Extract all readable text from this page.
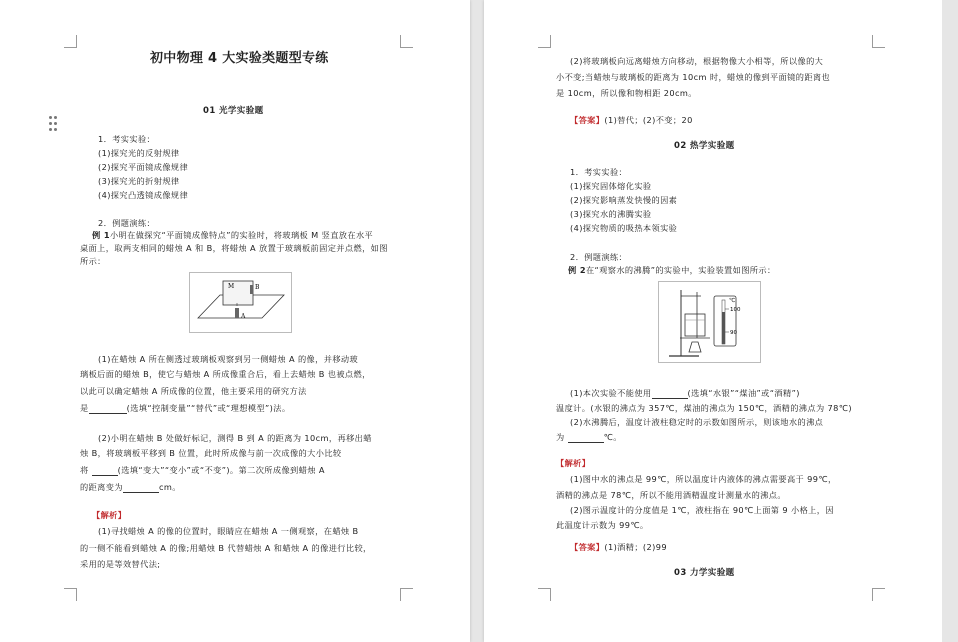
初中物理 4 大实验类题型专练
01 光学实验题
1．考实实验：
(1)探究光的反射规律
(2)探究平面镜成像规律
(3)探究光的折射规律
(4)探究凸透镜成像规律
2．例题演练：
例 1小明在做探究“平面镜成像特点”的实验时，将玻璃板 M 竖直放在水平
桌面上，取两支相同的蜡烛 A 和 B，将蜡烛 A 放置于玻璃板前固定并点燃，如图
所示：
M	B
A
(1)在蜡烛 A 所在侧透过玻璃板观察到另一侧蜡烛 A 的像，并移动玻
璃板后面的蜡烛 B，使它与蜡烛 A 所成像重合后，看上去蜡烛 B 也被点燃，
以此可以确定蜡烛 A 所成像的位置，他主要采用的研究方法
是	(选填“控制变量”“替代”或“理想模型”)法。
(2)小明在蜡烛 B 处做好标记，测得 B 到 A 的距离为 10cm，再移出蜡
烛 B，将玻璃板平移到 B 位置，此时所成像与前一次成像的大小比较
将	(选填“变大”“变小”或“不变”)。第二次所成像到蜡烛 A
的距离变为	cm。
【解析】
(1)寻找蜡烛 A 的像的位置时，眼睛应在蜡烛 A 一侧观察，在蜡烛 B
的一侧不能看到蜡烛 A 的像;用蜡烛 B 代替蜡烛 A 和蜡烛 A 的像进行比较，
采用的是等效替代法;
(2)将玻璃板向远离蜡烛方向移动，根据物像大小相等，所以像的大
小不变;当蜡烛与玻璃板的距离为 10cm 时，蜡烛的像到平面镜的距离也
是 10cm，所以像和物相距 20cm。
【答案】(1)替代；(2)不变；20
02 热学实验题
1．考实实验：
(1)探究固体熔化实验
(2)探究影响蒸发快慢的因素
(3)探究水的沸腾实验
(4)探究物质的吸热本领实验
2．例题演练：
例 2在“观察水的沸腾”的实验中，实验装置如图所示：
℃
100
90
(1)本次实验不能使用	(选填“水银”“煤油”或“酒精”)
温度计。(水银的沸点为 357℃，煤油的沸点为 150℃，酒精的沸点为 78℃)
(2)水沸腾后，温度计液柱稳定时的示数如图所示，则该地水的沸点
为	℃。
【解析】
(1)图中水的沸点是 99℃，所以温度计内液体的沸点需要高于 99℃，
酒精的沸点是 78℃，所以不能用酒精温度计测量水的沸点。
(2)图示温度计的分度值是 1℃，液柱指在 90℃上面第 9 小格上，因
此温度计示数为 99℃。
【答案】(1)酒精；(2)99
03 力学实验题
